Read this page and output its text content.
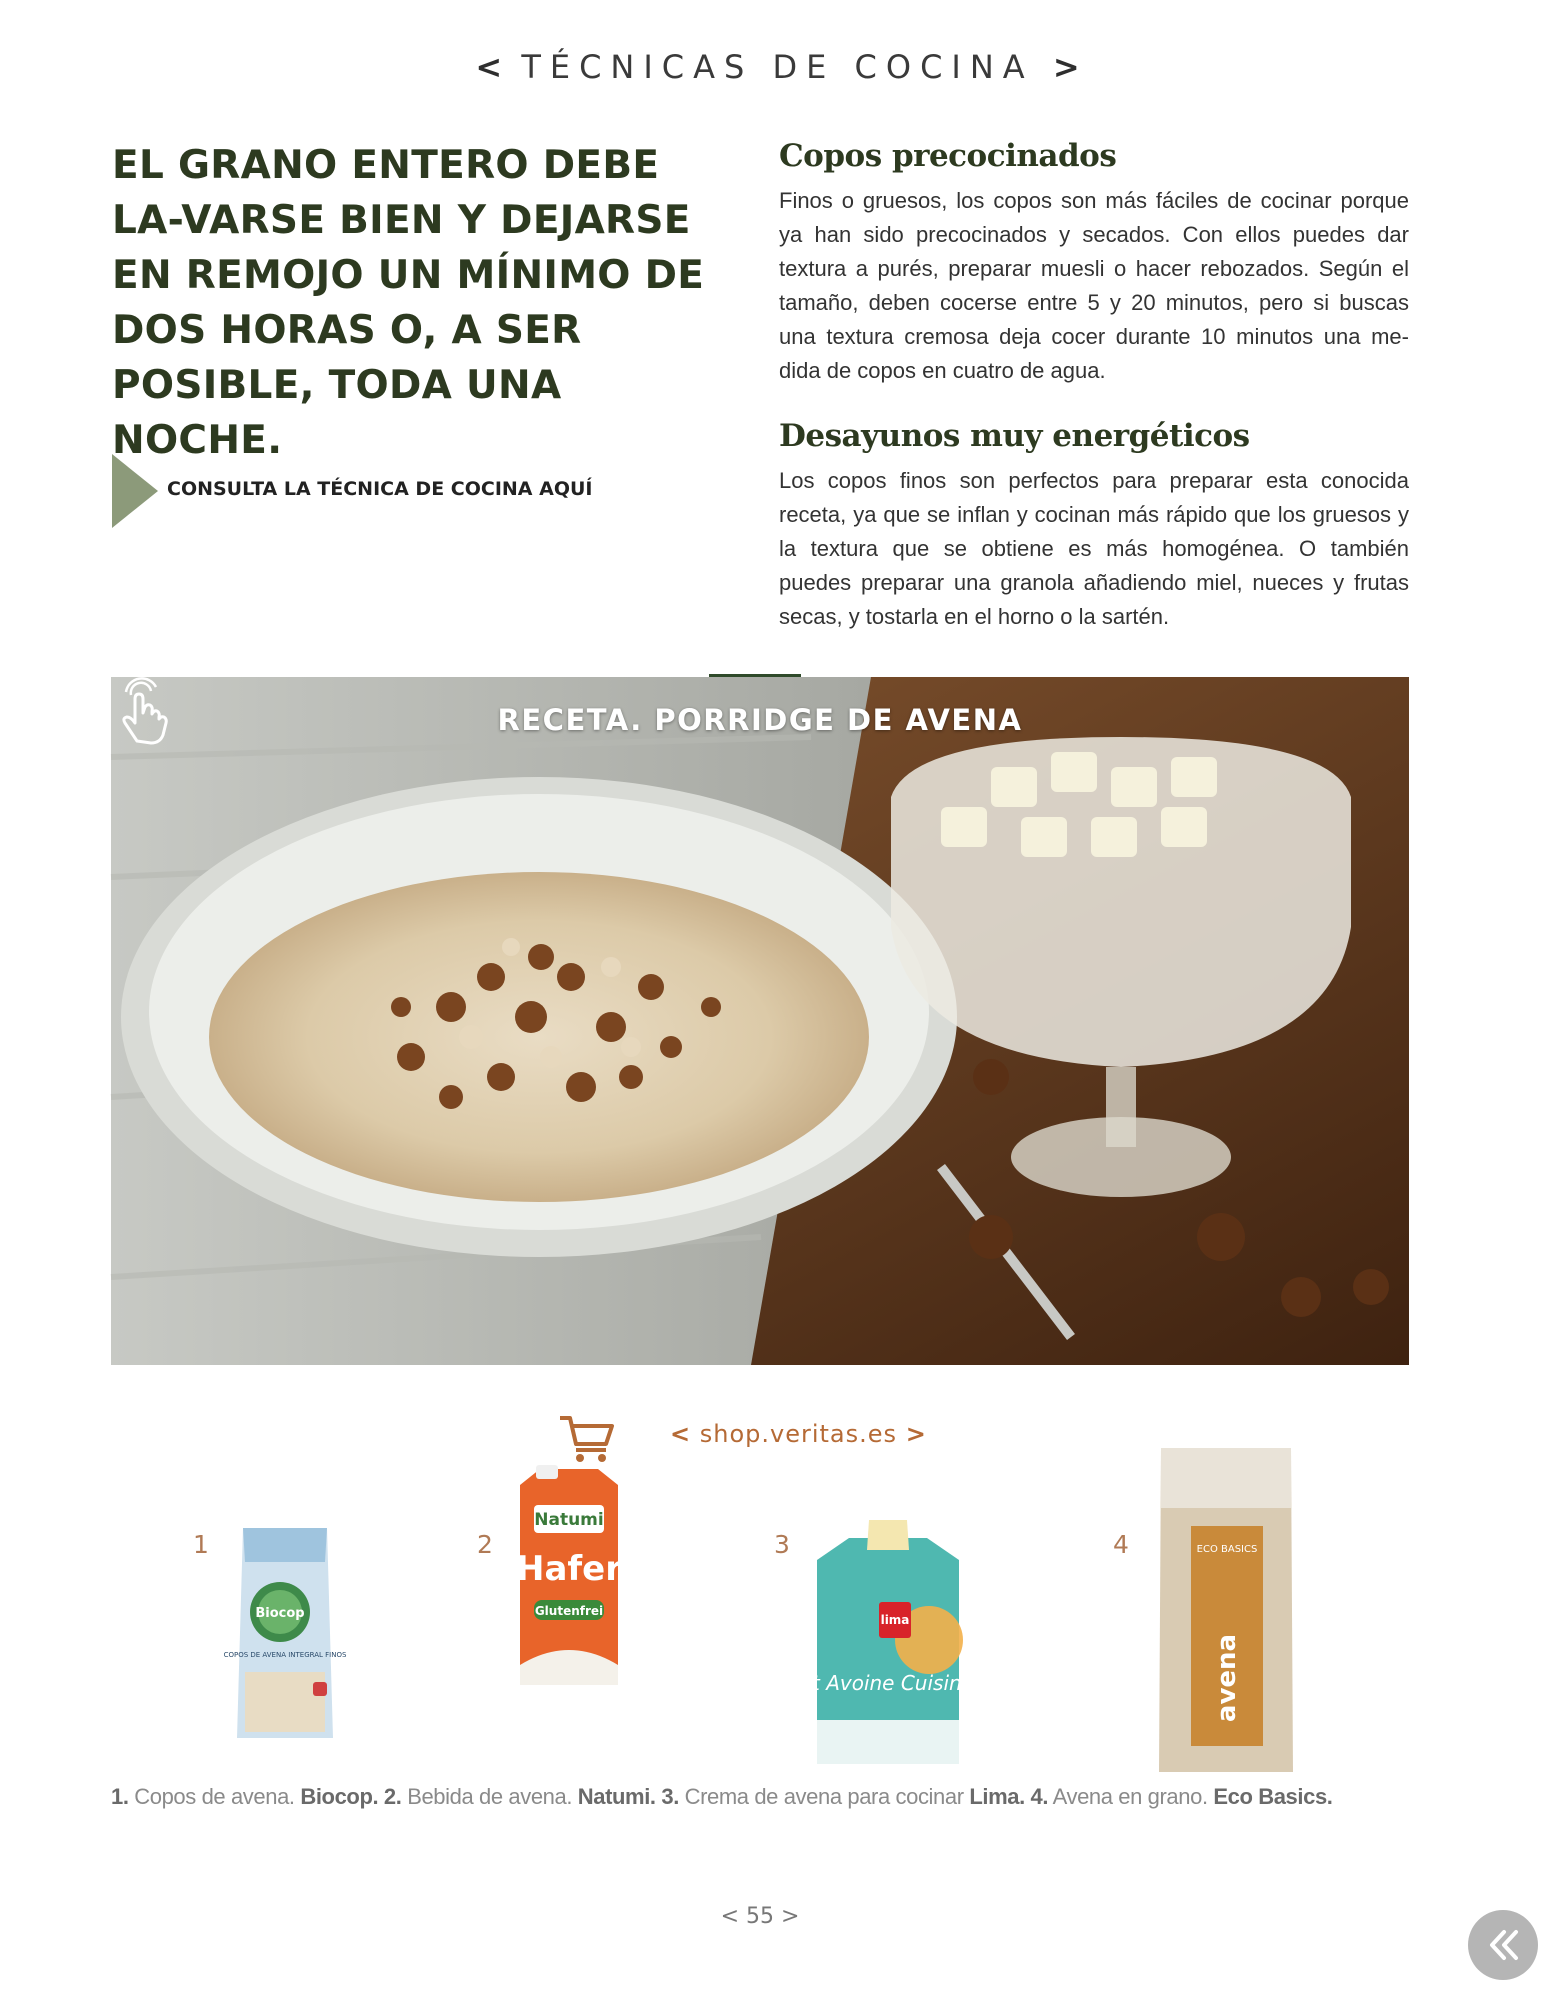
< TÉCNICAS DE COCINA >
EL GRANO ENTERO DEBE LA-VARSE BIEN Y DEJARSE EN REMOJO UN MÍNIMO DE DOS HORAS O, A SER POSIBLE, TODA UNA NOCHE.
CONSULTA LA TÉCNICA DE COCINA AQUÍ
Copos precocinados

Finos o gruesos, los copos son más fáciles de cocinar porque ya han sido precocinados y secados. Con ellos puedes dar textura a purés, preparar muesli o hacer rebozados. Según el tamaño, deben cocerse entre 5 y 20 minutos, pero si buscas una textura cremosa deja cocer durante 10 minutos una me-dida de copos en cuatro de agua.

Desayunos muy energéticos

Los copos finos son perfectos para preparar esta conocida receta, ya que se inflan y cocinan más rápido que los gruesos y la textura que se obtiene es más homogénea. O también puedes preparar una granola añadiendo miel, nueces y frutas secas, y tostarla en el horno o la sartén.

RECETA. PORRIDGE DE AVENA
< shop.veritas.es >
1	2	3	4
Biocop
COPOS DE AVENA INTEGRAL FINOS
Natumi
Hafer
Glutenfrei
lima
Oat Avoine Cuisine
ECO BASICS
avena
1. Copos de avena. Biocop. 2. Bebida de avena. Natumi. 3. Crema de avena para cocinar Lima. 4. Avena en grano. Eco Basics.
< 55 >
